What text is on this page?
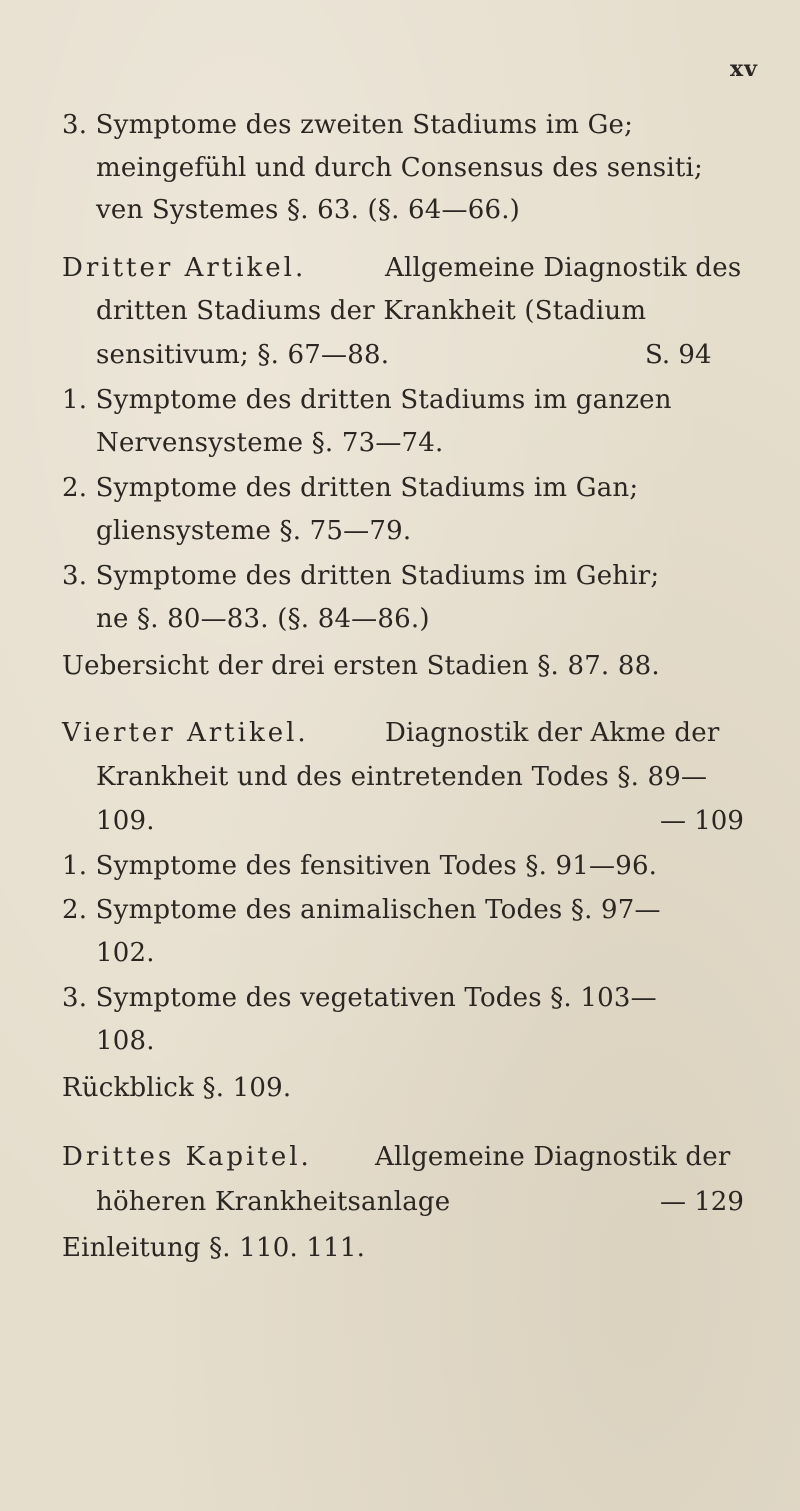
xv
3. Symptome des zweiten Stadiums im Ge;
meingefühl und durch Consensus des sensiti;
ven Systemes §. 63. (§. 64—66.)
Dritter Artikel.	Allgemeine Diagnostik des
dritten Stadiums der Krankheit (Stadium
sensitivum; §. 67—88.	S. 94
1. Symptome des dritten Stadiums im ganzen
Nervensysteme §. 73—74.
2. Symptome des dritten Stadiums im Gan;
gliensysteme §. 75—79.
3. Symptome des dritten Stadiums im Gehir;
ne §. 80—83. (§. 84—86.)
Uebersicht der drei ersten Stadien §. 87. 88.
Vierter Artikel.	Diagnostik der Akme der
Krankheit und des eintretenden Todes §. 89—
109.	— 109
1. Symptome des fensitiven Todes §. 91—96.
2. Symptome des animalischen Todes §. 97—
102.
3. Symptome des vegetativen Todes §. 103—
108.
Rückblick §. 109.
Drittes Kapitel. Allgemeine Diagnostik der
höheren Krankheitsanlage	— 129
Einleitung §. 110. 111.
